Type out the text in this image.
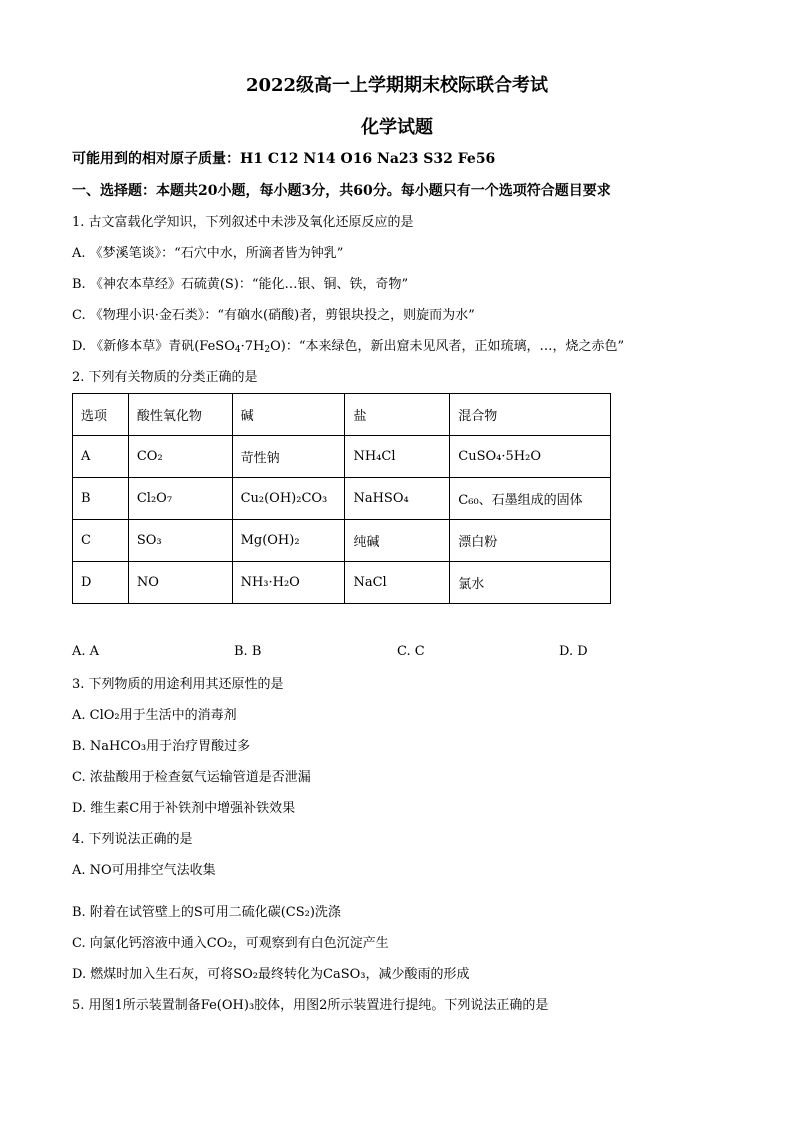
2022级高一上学期期末校际联合考试
化学试题
可能用到的相对原子质量：H1 C12 N14 O16 Na23 S32 Fe56
一、选择题：本题共20小题，每小题3分，共60分。每小题只有一个选项符合题目要求
1. 古文富载化学知识，下列叙述中未涉及氧化还原反应的是
A. 《梦溪笔谈》：“石穴中水，所滴者皆为钟乳”
B. 《神农本草经》石硫黄(S)：“能化…银、铜、铁，奇物”
C. 《物理小识·金石类》：“有硇水(硝酸)者，剪银块投之，则旋而为水”
D. 《新修本草》青矾$(FeSO_4\cdot 7H_2O)$：“本来绿色，新出窟未见风者，正如琉璃，…，烧之赤色”
2. 下列有关物质的分类正确的是
选项	酸性氧化物	碱	盐	混合物
A	CO₂	苛性钠	NH₄Cl	CuSO₄·5H₂O
B	Cl₂O₇	Cu₂(OH)₂CO₃	NaHSO₄	C₆₀、石墨组成的固体
C	SO₃	Mg(OH)₂	纯碱	漂白粉
D	NO	NH₃·H₂O	NaCl	氯水
A. A	B. B	C. C	D. D
3. 下列物质的用途利用其还原性的是
A. ClO₂用于生活中的消毒剂
B. NaHCO₃用于治疗胃酸过多
C. 浓盐酸用于检查氨气运输管道是否泄漏
D. 维生素C用于补铁剂中增强补铁效果
4. 下列说法正确的是
A. NO可用排空气法收集
B. 附着在试管壁上的S可用二硫化碳(CS₂)洗涤
C. 向氯化钙溶液中通入CO₂，可观察到有白色沉淀产生
D. 燃煤时加入生石灰，可将SO₂最终转化为CaSO₃，减少酸雨的形成
5. 用图1所示装置制备Fe(OH)₃胶体，用图2所示装置进行提纯。下列说法正确的是
